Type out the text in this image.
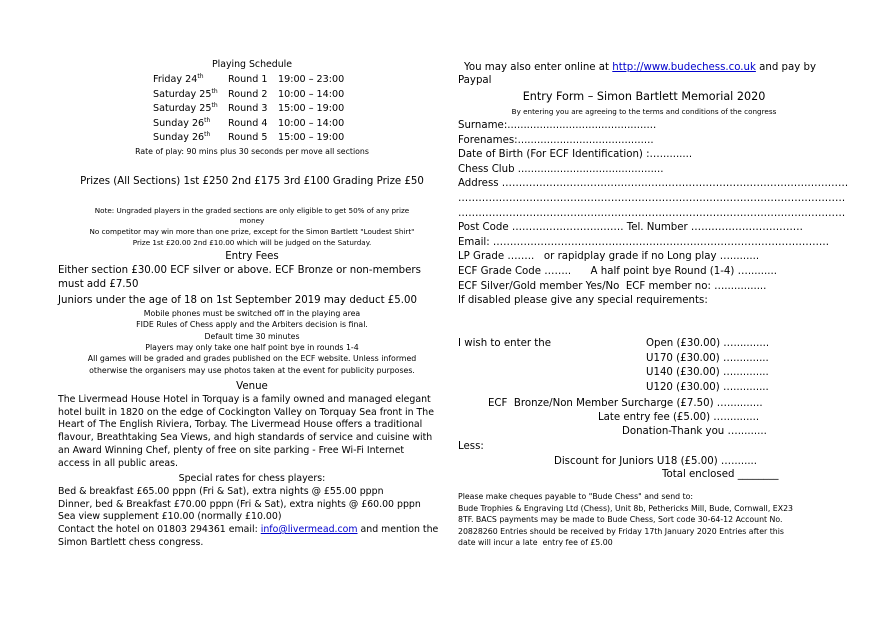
Playing Schedule
Friday 24th	Round 1 19:00 – 23:00
Saturday 25th Round 2 10:00 – 14:00
Saturday 25th Round 3 15:00 – 19:00
Sunday 26th Round 4 10:00 – 14:00
Sunday 26th Round 5 15:00 – 19:00
Rate of play: 90 mins plus 30 seconds per move all sections
Prizes (All Sections) 1st £250 2nd £175 3rd £100 Grading Prize £50
Note: Ungraded players in the graded sections are only eligible to get 50% of any prize
money
No competitor may win more than one prize, except for the Simon Bartlett "Loudest Shirt"
Prize 1st £20.00 2nd £10.00 which will be judged on the Saturday.
Entry Fees
Either section £30.00 ECF silver or above. ECF Bronze or non-members
must add £7.50
Juniors under the age of 18 on 1st September 2019 may deduct £5.00
Mobile phones must be switched off in the playing area
FIDE Rules of Chess apply and the Arbiters decision is final.
Default time 30 minutes
Players may only take one half point bye in rounds 1-4
All games will be graded and grades published on the ECF website. Unless informed
otherwise the organisers may use photos taken at the event for publicity purposes.
Venue
The Livermead House Hotel in Torquay is a family owned and managed elegant
hotel built in 1820 on the edge of Cockington Valley on Torquay Sea front in The
Heart of The English Riviera, Torbay. The Livermead House offers a traditional
flavour, Breathtaking Sea Views, and high standards of service and cuisine with
an Award Winning Chef, plenty of free on site parking - Free Wi-Fi Internet
access in all public areas.
Special rates for chess players:
Bed & breakfast £65.00 pppn (Fri & Sat), extra nights @ £55.00 pppn
Dinner, bed & Breakfast £70.00 pppn (Fri & Sat), extra nights @ £60.00 pppn
Sea view supplement £10.00 (normally £10.00)
Contact the hotel on 01803 294361 email: info@livermead.com and mention the
Simon Bartlett chess congress.
You may also enter online at http://www.budechess.co.uk and pay by
Paypal
Entry Form – Simon Bartlett Memorial 2020
By entering you are agreeing to the terms and conditions of the congress
Surname:..............................................
Forenames:..........................................
Date of Birth (For ECF Identification) :…..........
Chess Club .............................................
Address …………………………………………………………………………………………
……………………………………………………………………………………………………
……………………………………………………………………………………………………
Post Code ……………………..……. Tel. Number ……………………………
Email: ………………………………………………………………………………………
LP Grade ……..   or rapidplay grade if no Long play ….........
ECF Grade Code ……..      A half point bye Round (1-4) ….........
ECF Silver/Gold member Yes/No  ECF member no: ….............
If disabled please give any special requirements:
I wish to enter the	Open (£30.00) …...........
U170 (£30.00) …...........
U140 (£30.00) …...........
U120 (£30.00) …...........
ECF  Bronze/Non Member Surcharge (£7.50) …...........
Late entry fee (£5.00) …...........
Donation-Thank you ….........
Less:
Discount for Juniors U18 (£5.00) …........
Total enclosed ________
Please make cheques payable to "Bude Chess" and send to:
Bude Trophies & Engraving Ltd (Chess), Unit 8b, Pethericks Mill, Bude, Cornwall, EX23
8TF. BACS payments may be made to Bude Chess, Sort code 30-64-12 Account No.
20828260 Entries should be received by Friday 17th January 2020 Entries after this
date will incur a late  entry fee of £5.00
